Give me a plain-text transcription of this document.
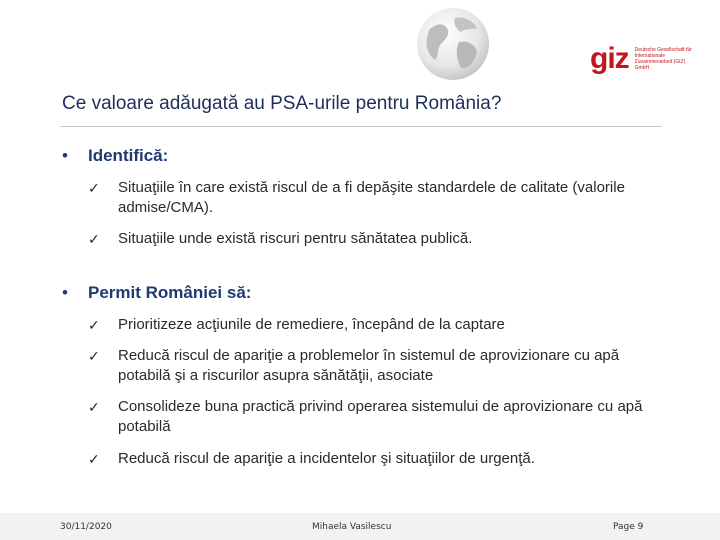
giz Deutsche Gesellschaft für Internationale Zusammenarbeit (GIZ) GmbH
Ce valoare adăugată au PSA-urile pentru România?
• Identifică:
✓	Situaţiile în care există riscul de a fi depăşite standardele de calitate (valorile admise/CMA).
✓	Situaţiile unde există riscuri pentru sănătatea publică.
• Permit României să:
✓	Prioritizeze acţiunile de remediere, începând de la captare
✓	Reducă riscul de apariţie a problemelor în sistemul de aprovizionare cu apă potabilă şi a riscurilor asupra sănătăţii, asociate
✓	Consolideze buna practică privind operarea sistemului de aprovizionare cu apă potabilă
✓	Reducă riscul de apariţie a incidentelor şi situaţiilor de urgenţă.
30/11/2020	Mihaela Vasilescu	Page 9
